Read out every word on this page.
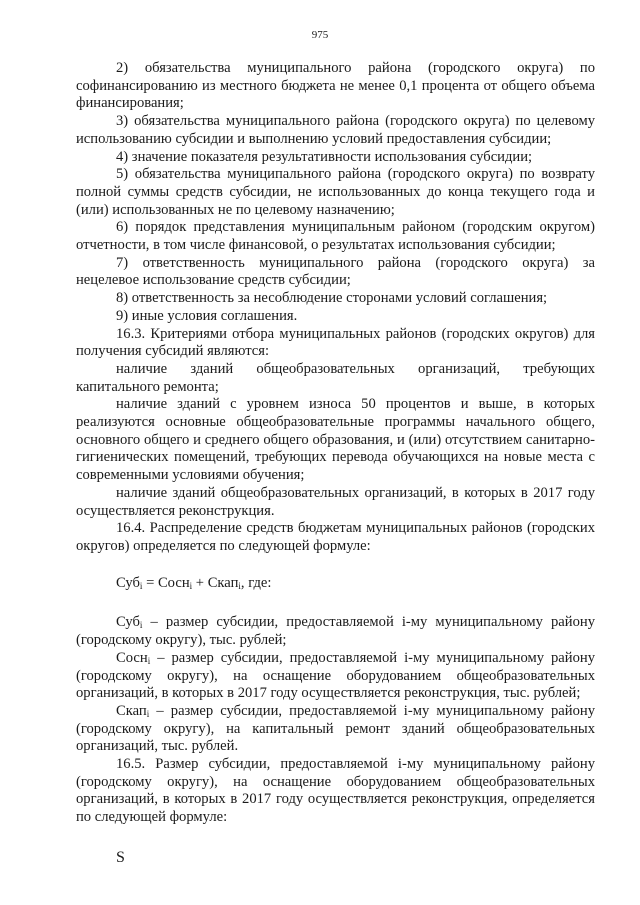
975

2) обязательства муниципального района (городского округа) по софинансированию из местного бюджета не менее 0,1 процента от общего объема финансирования;

3) обязательства муниципального района (городского округа) по целевому использованию субсидии и выполнению условий предоставления субсидии;

4) значение показателя результативности использования субсидии;

5) обязательства муниципального района (городского округа) по возврату полной суммы средств субсидии, не использованных до конца текущего года и (или) использованных не по целевому назначению;

6) порядок представления муниципальным районом (городским округом) отчетности, в том числе финансовой, о результатах использования субсидии;

7) ответственность муниципального района (городского округа) за нецелевое использование средств субсидии;

8) ответственность за несоблюдение сторонами условий соглашения;

9) иные условия соглашения.

16.3. Критериями отбора муниципальных районов (городских округов) для получения субсидий являются:

наличие зданий общеобразовательных организаций, требующих капитального ремонта;

наличие зданий с уровнем износа 50 процентов и выше, в которых реализуются основные общеобразовательные программы начального общего, основного общего и среднего общего образования, и (или) отсутствием санитарно-гигиенических помещений, требующих перевода обучающихся на новые места с современными условиями обучения;

наличие зданий общеобразовательных организаций, в которых в 2017 году осуществляется реконструкция.

16.4. Распределение средств бюджетам муниципальных районов (городских округов) определяется по следующей формуле:

Суб$_i$ = Сосн$_i$ + Скап$_i$, где:

Суб$_i$ – размер субсидии, предоставляемой i-му муниципальному району (городскому округу), тыс. рублей;

Сосн$_i$ – размер субсидии, предоставляемой i-му муниципальному району (городскому округу), на оснащение оборудованием общеобразовательных организаций, в которых в 2017 году осуществляется реконструкция, тыс. рублей;

Скап$_i$ – размер субсидии, предоставляемой i-му муниципальному району (городскому округу), на капитальный ремонт зданий общеобразовательных организаций, тыс. рублей.

16.5. Размер субсидии, предоставляемой i-му муниципальному району (городскому округу), на оснащение оборудованием общеобразовательных организаций, в которых в 2017 году осуществляется реконструкция, определяется по следующей формуле:

S
